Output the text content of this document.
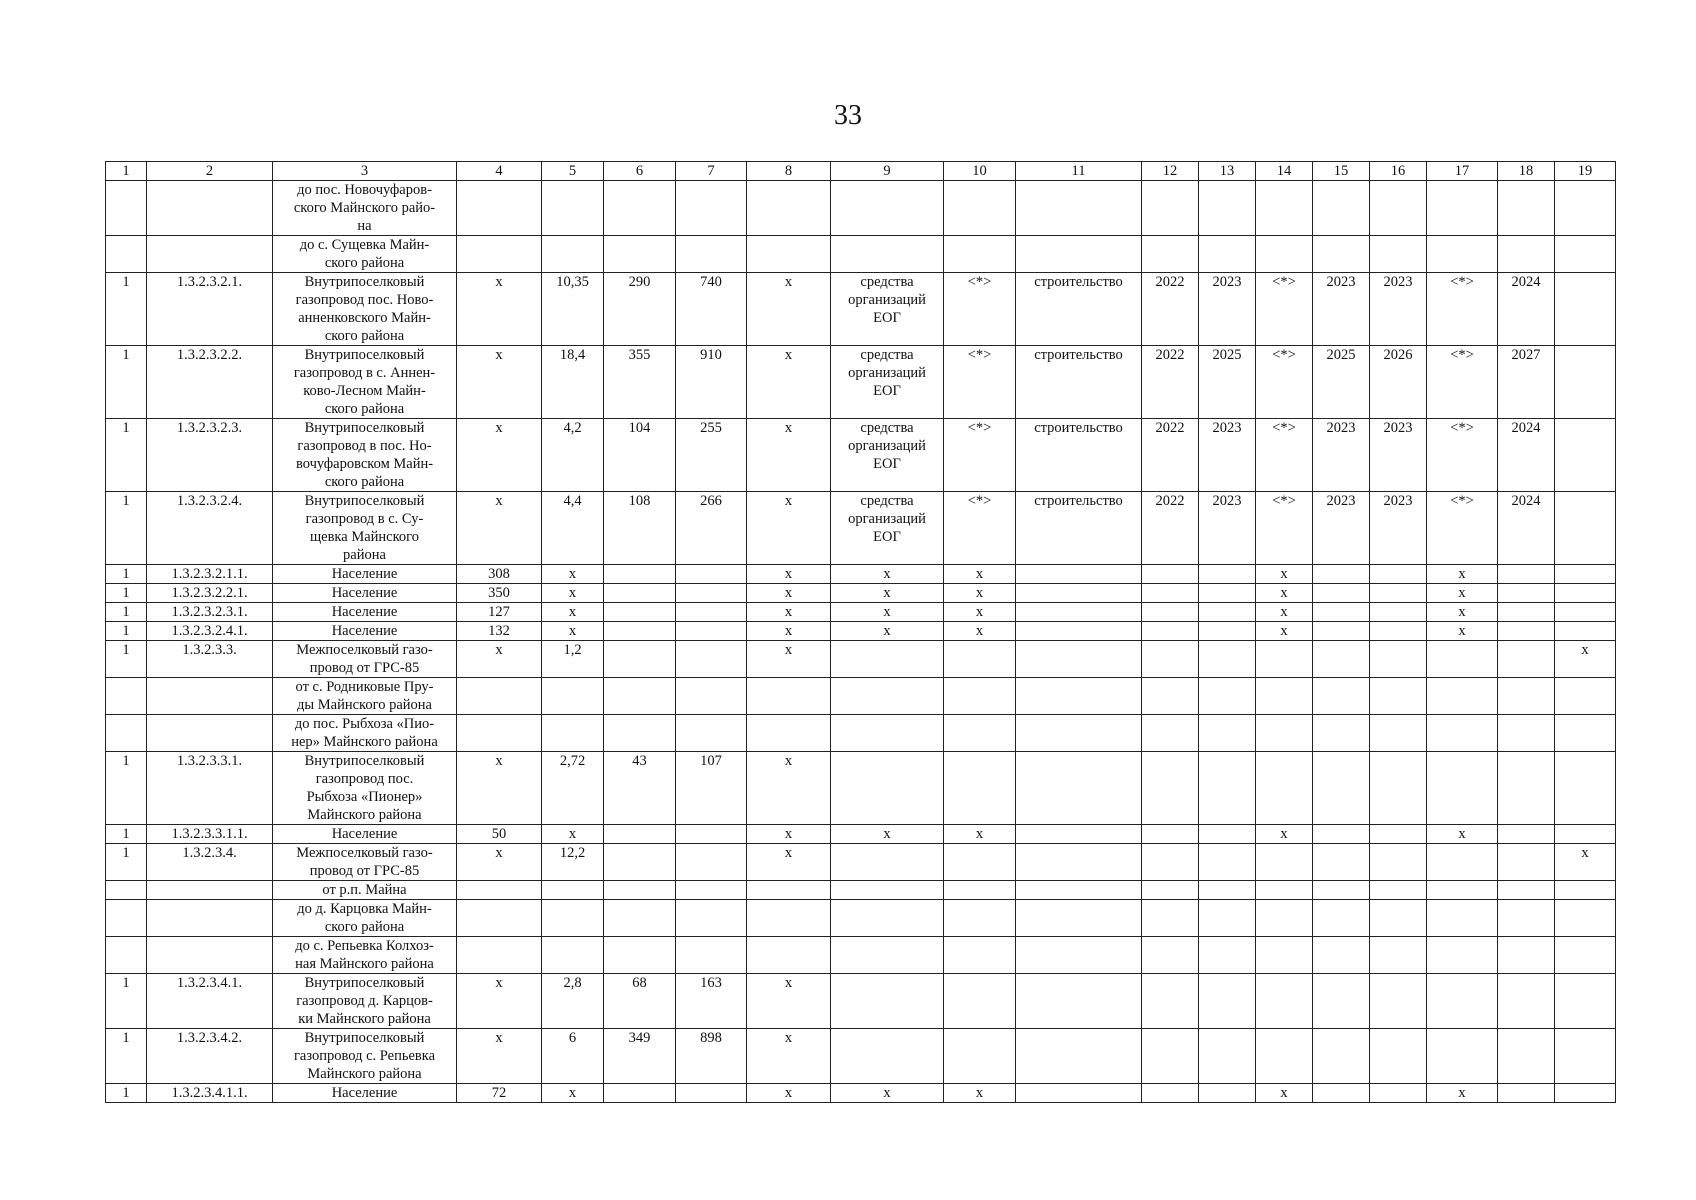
33
1	2	3	4	5	6	7	8	9	10	11	12	13	14	15	16	17	18	19
		до пос. Новочуфаров-
ского Майнского райо-
на																
		до с. Сущевка Майн-
ского района																
1	1.3.2.3.2.1.	Внутрипоселковый
газопровод пос. Ново-
анненковского Майн-
ского района	x	10,35	290	740	x	средства
организаций
ЕОГ	<*>	строительство	2022	2023	<*>	2023	2023	<*>	2024	
1	1.3.2.3.2.2.	Внутрипоселковый
газопровод в с. Аннен-
ково-Лесном Майн-
ского района	x	18,4	355	910	x	средства
организаций
ЕОГ	<*>	строительство	2022	2025	<*>	2025	2026	<*>	2027	
1	1.3.2.3.2.3.	Внутрипоселковый
газопровод в пос. Но-
вочуфаровском Майн-
ского района	x	4,2	104	255	x	средства
организаций
ЕОГ	<*>	строительство	2022	2023	<*>	2023	2023	<*>	2024	
1	1.3.2.3.2.4.	Внутрипоселковый
газопровод в с. Су-
щевка Майнского
района	x	4,4	108	266	x	средства
организаций
ЕОГ	<*>	строительство	2022	2023	<*>	2023	2023	<*>	2024	
1	1.3.2.3.2.1.1.	Население	308	x			x	x	x				x			x		
1	1.3.2.3.2.2.1.	Население	350	x			x	x	x				x			x		
1	1.3.2.3.2.3.1.	Население	127	x			x	x	x				x			x		
1	1.3.2.3.2.4.1.	Население	132	x			x	x	x				x			x		
1	1.3.2.3.3.	Межпоселковый газо-
провод от ГРС-85	x	1,2			x											x
		от с. Родниковые Пру-
ды Майнского района																
		до пос. Рыбхоза «Пио-
нер» Майнского района																
1	1.3.2.3.3.1.	Внутрипоселковый
газопровод пос.
Рыбхоза «Пионер»
Майнского района	x	2,72	43	107	x											
1	1.3.2.3.3.1.1.	Население	50	x			x	x	x				x			x		
1	1.3.2.3.4.	Межпоселковый газо-
провод от ГРС-85	x	12,2			x											x
		от р.п. Майна																
		до д. Карцовка Майн-
ского района																
		до с. Репьевка Колхоз-
ная Майнского района																
1	1.3.2.3.4.1.	Внутрипоселковый
газопровод д. Карцов-
ки Майнского района	x	2,8	68	163	x											
1	1.3.2.3.4.2.	Внутрипоселковый
газопровод с. Репьевка
Майнского района	x	6	349	898	x											
1	1.3.2.3.4.1.1.	Население	72	x			x	x	x				x			x		
